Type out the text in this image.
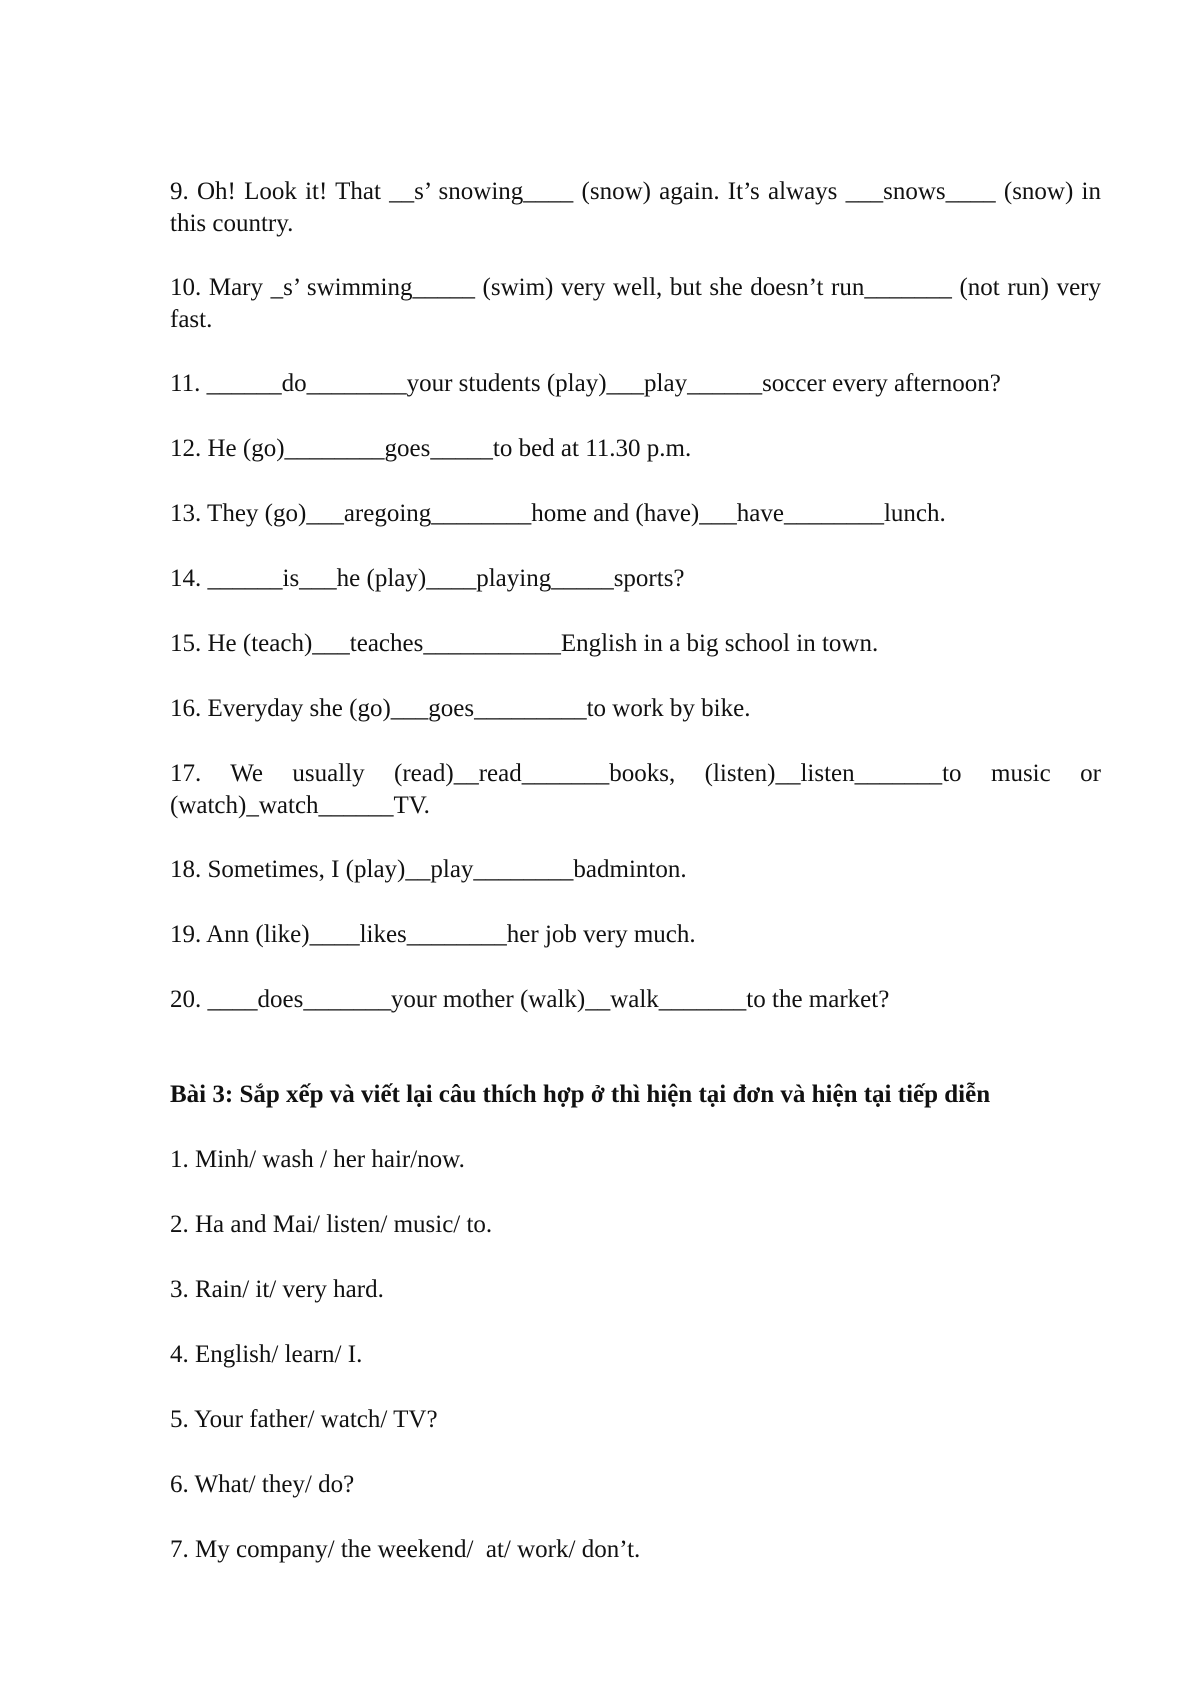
9. Oh! Look it! That __s’ snowing____ (snow) again. It’s always ___snows____ (snow) in this country.

10. Mary _s’ swimming_____ (swim) very well, but she doesn’t run_______ (not run) very fast.

11. ______do________your students (play)___play______soccer every afternoon?

12. He (go)________goes_____to bed at 11.30 p.m.

13. They (go)___aregoing________home and (have)___have________lunch.

14. ______is___he (play)____playing_____sports?

15. He (teach)___teaches___________English in a big school in town.

16. Everyday she (go)___goes_________to work by bike.

17. We usually (read)__read_______books, (listen)__listen_______to music or (watch)_watch______TV.

18. Sometimes, I (play)__play________badminton.

19. Ann (like)____likes________her job very much.

20. ____does_______your mother (walk)__walk_______to the market?

Bài 3: Sắp xếp và viết lại câu thích hợp ở thì hiện tại đơn và hiện tại tiếp diễn

1. Minh/ wash / her hair/now.

2. Ha and Mai/ listen/ music/ to.

3. Rain/ it/ very hard.

4. English/ learn/ I.

5. Your father/ watch/ TV?

6. What/ they/ do?

7. My company/ the weekend/  at/ work/ don’t.
